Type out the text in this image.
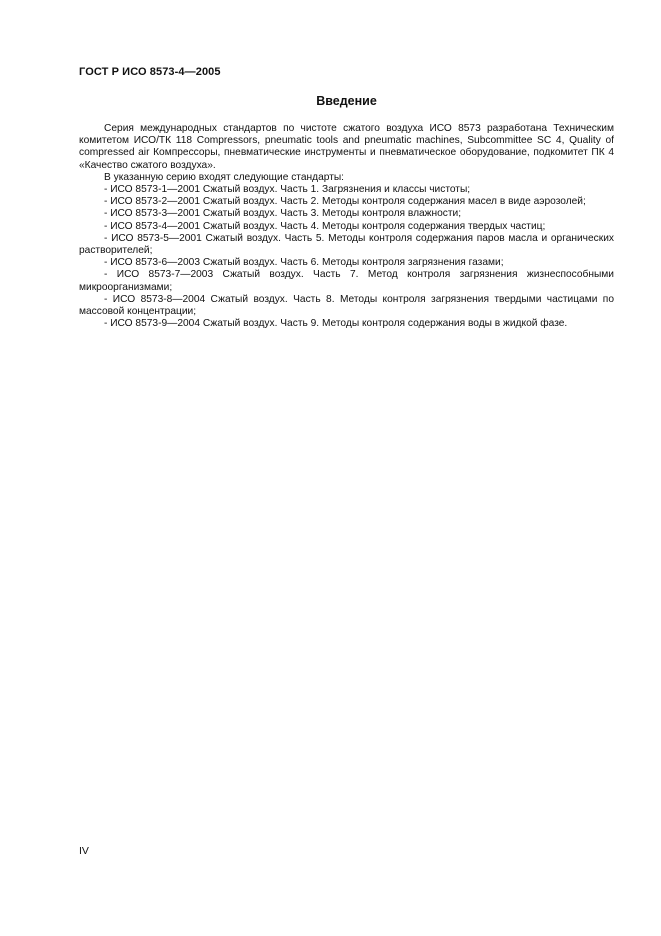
ГОСТ Р ИСО 8573-4—2005
Введение

Серия международных стандартов по чистоте сжатого воздуха ИСО 8573 разработана Техническим комитетом ИСО/ТК 118 Compressors, pneumatic tools and pneumatic machines, Subcommittee SC 4, Quality of compressed air Компрессоры, пневматические инструменты и пневматическое оборудование, подкомитет ПК 4 «Качество сжатого воздуха».

В указанную серию входят следующие стандарты:

- ИСО 8573-1—2001 Сжатый воздух. Часть 1. Загрязнения и классы чистоты;

- ИСО 8573-2—2001 Сжатый воздух. Часть 2. Методы контроля содержания масел в виде аэрозолей;

- ИСО 8573-3—2001 Сжатый воздух. Часть 3. Методы контроля влажности;

- ИСО 8573-4—2001 Сжатый воздух. Часть 4. Методы контроля содержания твердых частиц;

- ИСО 8573-5—2001 Сжатый воздух. Часть 5. Методы контроля содержания паров масла и органических растворителей;

- ИСО 8573-6—2003 Сжатый воздух. Часть 6. Методы контроля загрязнения газами;

- ИСО 8573-7—2003 Сжатый воздух. Часть 7. Метод контроля загрязнения жизнеспособными микроорганизмами;

- ИСО 8573-8—2004 Сжатый воздух. Часть 8. Методы контроля загрязнения твердыми частицами по массовой концентрации;

- ИСО 8573-9—2004 Сжатый воздух. Часть 9. Методы контроля содержания воды в жидкой фазе.

IV
